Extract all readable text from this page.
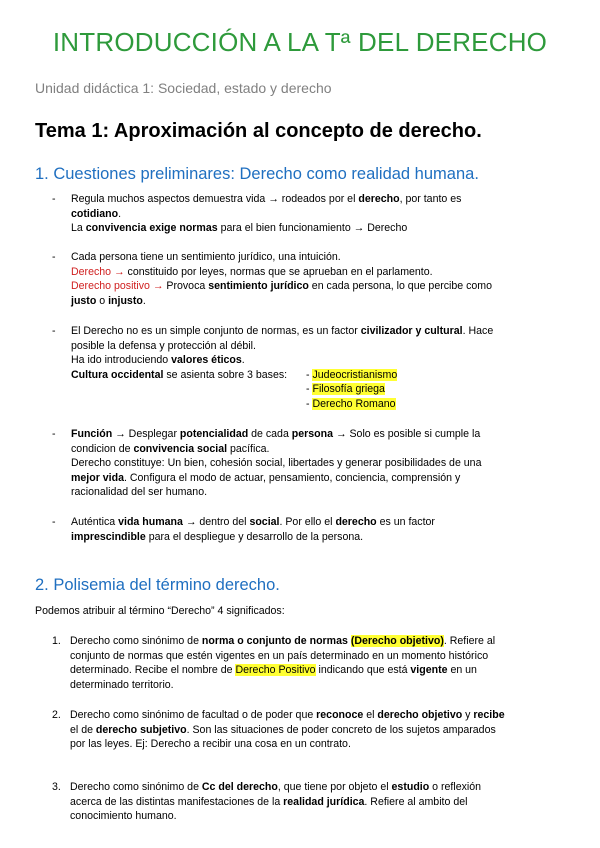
INTRODUCCIÓN A LA Tª DEL DERECHO
Unidad didáctica 1: Sociedad, estado y derecho
Tema 1: Aproximación al concepto de derecho.
1. Cuestiones preliminares: Derecho como realidad humana.
- Regula muchos aspectos demuestra vida → rodeados por el derecho, por tanto es

cotidiano.

La convivencia exige normas para el bien funcionamiento → Derecho

- Cada persona tiene un sentimiento jurídico, una intuición.

Derecho → constituido por leyes, normas que se aprueban en el parlamento.

Derecho positivo → Provoca sentimiento jurídico en cada persona, lo que percibe como

justo o injusto.

- El Derecho no es un simple conjunto de normas, es un factor civilizador y cultural. Hace

posible la defensa y protección al débil.

Ha ido introduciendo valores éticos.

Cultura occidental se asienta sobre 3 bases: - Judeocristianismo
- Filosofía griega
- Derecho Romano
- Función → Desplegar potencialidad de cada persona → Solo es posible si cumple la

condicion de convivencia social pacífica.

Derecho constituye: Un bien, cohesión social, libertades y generar posibilidades de una

mejor vida. Configura el modo de actuar, pensamiento, conciencia, comprensión y

racionalidad del ser humano.

- Auténtica vida humana → dentro del social. Por ello el derecho es un factor

imprescindible para el despliegue y desarrollo de la persona.

2. Polisemia del término derecho.
Podemos atribuir al término “Derecho” 4 significados:
1. Derecho como sinónimo de norma o conjunto de normas (Derecho objetivo). Refiere al

conjunto de normas que estén vigentes en un país determinado en un momento histórico

determinado. Recibe el nombre de Derecho Positivo indicando que está vigente en un

determinado territorio.

2. Derecho como sinónimo de facultad o de poder que reconoce el derecho objetivo y recibe

el de derecho subjetivo. Son las situaciones de poder concreto de los sujetos amparados

por las leyes. Ej: Derecho a recibir una cosa en un contrato.

3. Derecho como sinónimo de Cc del derecho, que tiene por objeto el estudio o reflexión

acerca de las distintas manifestaciones de la realidad jurídica. Refiere al ambito del

conocimiento humano.
